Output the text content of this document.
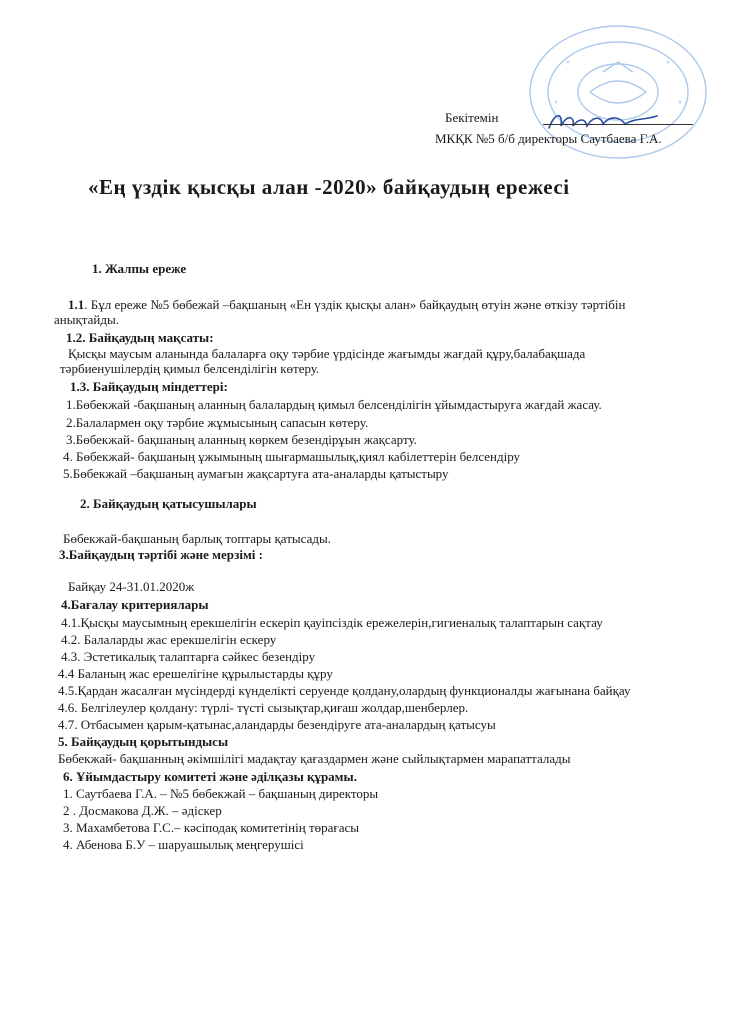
Бекітемін
МКҚК №5 б/б директоры Саутбаева Г.А.
«Ең үздік қысқы алан -2020» байқаудың ережесі
1. Жалпы ереже
1.1. Бұл ереже №5 бөбежай –бақшаның «Ен үздік қысқы алан» байқаудың өтуін және өткізу тәртібін
анықтайды.
1.2. Байқаудың мақсаты:
Қысқы маусым аланында балаларға оқу тәрбие үрдісінде жағымды жағдай құру,балабақшада
тәрбиенушілердің қимыл белсенділігін көтеру.
1.3. Байқаудың міндеттері:
1.Бөбекжай -бақшаның аланның балалардың қимыл белсенділігін ұйымдастыруға жағдай жасау.
2.Балалармен оқу тәрбие жұмысының сапасын көтеру.
3.Бөбекжай- бақшаның аланның көркем безендірұын жақсарту.
4. Бөбекжай- бақшаның ұжымының шығармашылық,қиял кабілеттерін белсендіру
5.Бөбекжай –бақшаның аумағын жақсартуға ата-аналарды қатыстыру
2. Байқаудың қатысушылары
Бөбекжай-бақшаның барлық топтары қатысады.
3.Байқаудың тәртібі және мерзімі :
Байқау 24-31.01.2020ж
4.Бағалау критериялары
4.1.Қысқы маусымның ерекшелігін ескеріп қауіпсіздік ережелерін,гигиеналық талаптарын сақтау
4.2. Балаларды жас ерекшелігін ескеру
4.3. Эстетикалық талаптарға сәйкес безендіру
4.4 Баланың жас ерешелігіне құрылыстарды құру
4.5.Қардан жасалған мүсіндерді күнделікті серуенде қолдану,олардың функционалды жағынана байқау
4.6. Белгілеулер қолдану: түрлі- түсті сызықтар,қиғаш жолдар,шенберлер.
4.7. Отбасымен қарым-қатынас,аландарды безендіруге ата-аналардың қатысуы
5. Байқаудың қорытындысы
Бөбекжай- бақшанның әкімшілігі мадақтау қағаздармен және сыйлықтармен марапатталады
6. Ұйымдастыру комитеті және әділқазы құрамы.
1. Саутбаева Г.А. – №5 бөбекжай – бақшаның директоры
2 . Досмакова Д.Ж. – әдіскер
3. Махамбетова Г.С.– кәсіподақ комитетінің төрағасы
4. Абенова Б.У – шаруашылық меңгерушісі
